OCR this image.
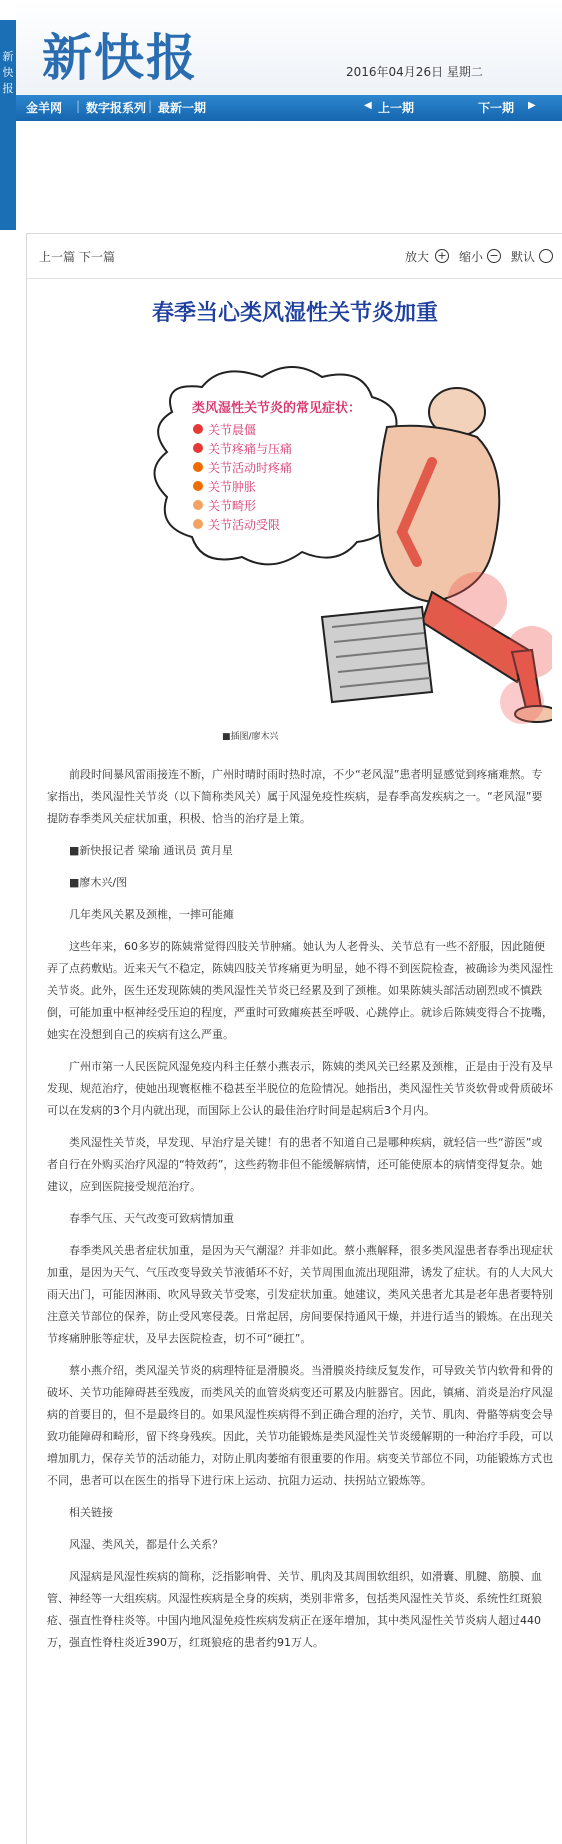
新快报
新快报	2016年04月26日 星期二
金羊网 | 数字报系列 | 最新一期	◀ 上一期	▶
下一期
上一篇 下一篇	放大 + 缩小 − 默认
春季当心类风湿性关节炎加重
类风湿性关节炎的常见症状：
关节晨僵
关节疼痛与压痛
关节活动时疼痛
关节肿胀
关节畸形
关节活动受限
■插图/廖木兴

前段时间暴风雷雨接连不断，广州时晴时雨时热时凉，不少“老风湿”患者明显感觉到疼痛难熬。专家指出，类风湿性关节炎（以下简称类风关）属于风湿免疫性疾病，是春季高发疾病之一。“老风湿”要提防春季类风关症状加重，积极、恰当的治疗是上策。

■新快报记者 梁瑜 通讯员 黄月星

■廖木兴/图

几年类风关累及颈椎，一摔可能瘫

这些年来，60多岁的陈姨常觉得四肢关节肿痛。她认为人老骨头、关节总有一些不舒服，因此随便弄了点药敷贴。近来天气不稳定，陈姨四肢关节疼痛更为明显，她不得不到医院检查，被确诊为类风湿性关节炎。此外，医生还发现陈姨的类风湿性关节炎已经累及到了颈椎。如果陈姨头部活动剧烈或不慎跌倒，可能加重中枢神经受压迫的程度，严重时可致瘫痪甚至呼吸、心跳停止。就诊后陈姨变得合不拢嘴，她实在没想到自己的疾病有这么严重。

广州市第一人民医院风湿免疫内科主任蔡小燕表示，陈姨的类风关已经累及颈椎，正是由于没有及早发现、规范治疗，使她出现寰枢椎不稳甚至半脱位的危险情况。她指出，类风湿性关节炎软骨或骨质破坏可以在发病的3个月内就出现，而国际上公认的最佳治疗时间是起病后3个月内。

类风湿性关节炎，早发现、早治疗是关键！有的患者不知道自己是哪种疾病，就轻信一些“游医”或者自行在外购买治疗风湿的“特效药”，这些药物非但不能缓解病情，还可能使原本的病情变得复杂。她建议，应到医院接受规范治疗。

春季气压、天气改变可致病情加重

春季类风关患者症状加重，是因为天气潮湿？并非如此。蔡小燕解释，很多类风湿患者春季出现症状加重，是因为天气、气压改变导致关节液循环不好，关节周围血流出现阻滞，诱发了症状。有的人大风大雨天出门，可能因淋雨、吹风导致关节受寒，引发症状加重。她建议，类风关患者尤其是老年患者要特别注意关节部位的保养，防止受风寒侵袭。日常起居，房间要保持通风干燥，并进行适当的锻炼。在出现关节疼痛肿胀等症状，及早去医院检查，切不可“硬扛”。

蔡小燕介绍，类风湿关节炎的病理特征是滑膜炎。当滑膜炎持续反复发作，可导致关节内软骨和骨的破坏、关节功能障碍甚至残废，而类风关的血管炎病变还可累及内脏器官。因此，镇痛、消炎是治疗风湿病的首要目的，但不是最终目的。如果风湿性疾病得不到正确合理的治疗，关节、肌肉、骨骼等病变会导致功能障碍和畸形，留下终身残疾。因此，关节功能锻炼是类风湿性关节炎缓解期的一种治疗手段，可以增加肌力，保存关节的活动能力，对防止肌肉萎缩有很重要的作用。病变关节部位不同，功能锻炼方式也不同，患者可以在医生的指导下进行床上运动、抗阻力运动、扶拐站立锻炼等。

相关链接

风湿、类风关，都是什么关系？

风湿病是风湿性疾病的简称，泛指影响骨、关节、肌肉及其周围软组织，如滑囊、肌腱、筋膜、血管、神经等一大组疾病。风湿性疾病是全身的疾病，类别非常多，包括类风湿性关节炎、系统性红斑狼疮、强直性脊柱炎等。中国内地风湿免疫性疾病发病正在逐年增加，其中类风湿性关节炎病人超过440万，强直性脊柱炎近390万，红斑狼疮的患者约91万人。
